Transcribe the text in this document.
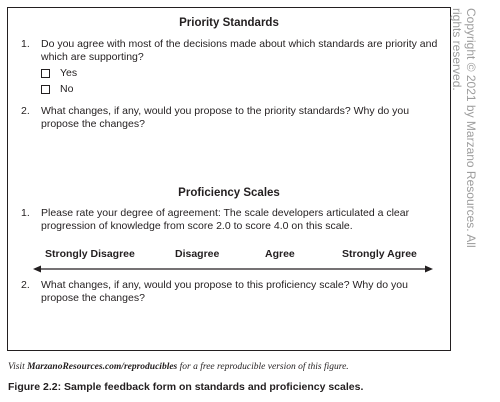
Priority Standards
1. Do you agree with most of the decisions made about which standards are priority and which are supporting?
Yes
No
2. What changes, if any, would you propose to the priority standards? Why do you propose the changes?
Proficiency Scales
1. Please rate your degree of agreement: The scale developers articulated a clear progression of knowledge from score 2.0 to score 4.0 on this scale.
Strongly Disagree	Disagree	Agree	Strongly Agree
2. What changes, if any, would you propose to this proficiency scale? Why do you propose the changes?
Copyright © 2021 by Marzano Resources. All
rights reserved.
Visit MarzanoResources.com/reproducibles for a free reproducible version of this figure.
Figure 2.2: Sample feedback form on standards and proficiency scales.
